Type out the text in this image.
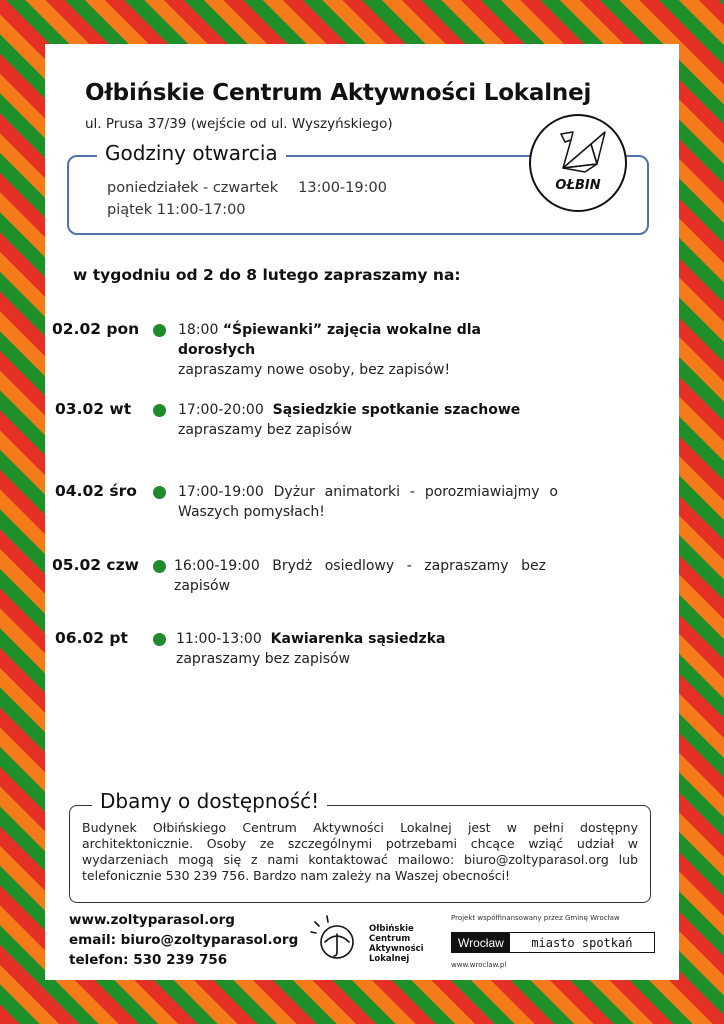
Ołbińskie Centrum Aktywności Lokalnej
ul. Prusa 37/39 (wejście od ul. Wyszyńskiego)
Godziny otwarcia
poniedziałek - czwartek 13:00-19:00
piątek 11:00-17:00
OŁBIN
w tygodniu od 2 do 8 lutego zapraszamy na:
02.02 pon	18:00 “Śpiewanki” zajęcia wokalne dla dorosłych
zapraszamy nowe osoby, bez zapisów!
03.02 wt	17:00-20:00 Sąsiedzkie spotkanie szachowe
zapraszamy bez zapisów
04.02 śro	17:00-19:00 Dyżur animatorki - porozmiawiajmy o Waszych pomysłach!
05.02 czw	16:00-19:00 Brydż osiedlowy - zapraszamy bez zapisów
06.02 pt	11:00-13:00 Kawiarenka sąsiedzka
zapraszamy bez zapisów
Dbamy o dostępność!
Budynek Ołbińskiego Centrum Aktywności Lokalnej jest w pełni dostępny architektonicznie. Osoby ze szczególnymi potrzebami chcące wziąć udział w wydarzeniach mogą się z nami kontaktować mailowo: biuro@zoltyparasol.org lub telefonicznie 530 239 756. Bardzo nam zależy na Waszej obecności!
www.zoltyparasol.org
email: biuro@zoltyparasol.org
telefon: 530 239 756
Ołbińskie
Centrum
Aktywności
Lokalnej
Projekt współfinansowany przez Gminę Wrocław
Wrocław	miasto spotkań
www.wroclaw.pl
